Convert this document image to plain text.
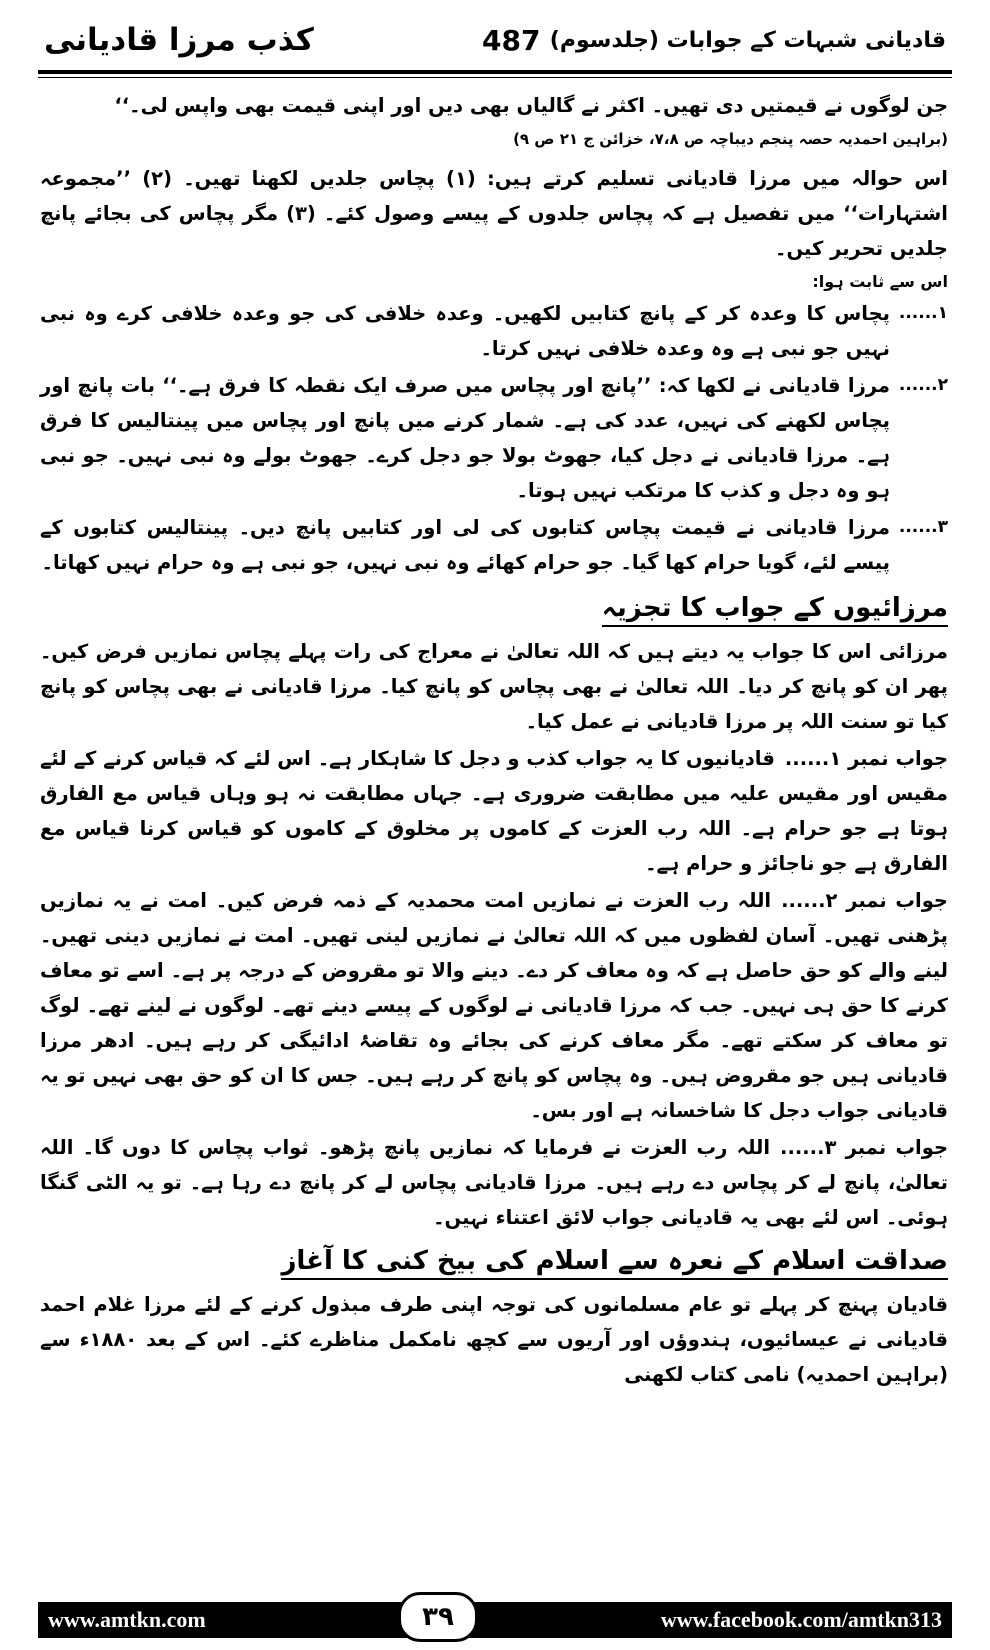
کذب مرزا قادیانی	487 قادیانی شبہات کے جوابات (جلدسوم)
جن لوگوں نے قیمتیں دی تھیں۔ اکثر نے گالیاں بھی دیں اور اپنی قیمت بھی واپس لی۔‘‘
(براہین احمدیہ حصہ پنجم دیباچہ ص ۷،۸، خزائن ج ۲۱ ص ۹)
اس حوالہ میں مرزا قادیانی تسلیم کرتے ہیں: (۱) پچاس جلدیں لکھنا تھیں۔ (۲) ’’مجموعہ اشتہارات‘‘ میں تفصیل ہے کہ پچاس جلدوں کے پیسے وصول کئے۔ (۳) مگر پچاس کی بجائے پانچ جلدیں تحریر کیں۔
اس سے ثابت ہوا:
۱......
پچاس کا وعدہ کر کے پانچ کتابیں لکھیں۔ وعدہ خلافی کی جو وعدہ خلافی کرے وہ نبی نہیں جو نبی ہے وہ وعدہ خلافی نہیں کرتا۔
۲......
مرزا قادیانی نے لکھا کہ: ’’پانچ اور پچاس میں صرف ایک نقطہ کا فرق ہے۔‘‘ بات پانچ اور پچاس لکھنے کی نہیں، عدد کی ہے۔ شمار کرنے میں پانچ اور پچاس میں پینتالیس کا فرق ہے۔ مرزا قادیانی نے دجل کیا، جھوٹ بولا جو دجل کرے۔ جھوٹ بولے وہ نبی نہیں۔ جو نبی ہو وہ دجل و کذب کا مرتکب نہیں ہوتا۔
۳......
مرزا قادیانی نے قیمت پچاس کتابوں کی لی اور کتابیں پانچ دیں۔ پینتالیس کتابوں کے پیسے لئے، گویا حرام کھا گیا۔ جو حرام کھائے وہ نبی نہیں، جو نبی ہے وہ حرام نہیں کھاتا۔
مرزائیوں کے جواب کا تجزیہ
مرزائی اس کا جواب یہ دیتے ہیں کہ اللہ تعالیٰ نے معراج کی رات پہلے پچاس نمازیں فرض کیں۔ پھر ان کو پانچ کر دیا۔ اللہ تعالیٰ نے بھی پچاس کو پانچ کیا۔ مرزا قادیانی نے بھی پچاس کو پانچ کیا تو سنت اللہ پر مرزا قادیانی نے عمل کیا۔
جواب نمبر ۱......قادیانیوں کا یہ جواب کذب و دجل کا شاہکار ہے۔ اس لئے کہ قیاس کرنے کے لئے مقیس اور مقیس علیہ میں مطابقت ضروری ہے۔ جہاں مطابقت نہ ہو وہاں قیاس مع الفارق ہوتا ہے جو حرام ہے۔ اللہ رب العزت کے کاموں پر مخلوق کے کاموں کو قیاس کرنا قیاس مع الفارق ہے جو ناجائز و حرام ہے۔
جواب نمبر ۲......اللہ رب العزت نے نمازیں امت محمدیہ کے ذمہ فرض کیں۔ امت نے یہ نمازیں پڑھنی تھیں۔ آسان لفظوں میں کہ اللہ تعالیٰ نے نمازیں لینی تھیں۔ امت نے نمازیں دینی تھیں۔ لینے والے کو حق حاصل ہے کہ وہ معاف کر دے۔ دینے والا تو مقروض کے درجہ پر ہے۔ اسے تو معاف کرنے کا حق ہی نہیں۔ جب کہ مرزا قادیانی نے لوگوں کے پیسے دینے تھے۔ لوگوں نے لینے تھے۔ لوگ تو معاف کر سکتے تھے۔ مگر معاف کرنے کی بجائے وہ تقاضۂ ادائیگی کر رہے ہیں۔ ادھر مرزا قادیانی ہیں جو مقروض ہیں۔ وہ پچاس کو پانچ کر رہے ہیں۔ جس کا ان کو حق بھی نہیں تو یہ قادیانی جواب دجل کا شاخسانہ ہے اور بس۔
جواب نمبر ۳......اللہ رب العزت نے فرمایا کہ نمازیں پانچ پڑھو۔ ثواب پچاس کا دوں گا۔ اللہ تعالیٰ، پانچ لے کر پچاس دے رہے ہیں۔ مرزا قادیانی پچاس لے کر پانچ دے رہا ہے۔ تو یہ الٹی گنگا ہوئی۔ اس لئے بھی یہ قادیانی جواب لائق اعتناء نہیں۔
صداقت اسلام کے نعرہ سے اسلام کی بیخ کنی کا آغاز
قادیان پہنچ کر پہلے تو عام مسلمانوں کی توجہ اپنی طرف مبذول کرنے کے لئے مرزا غلام احمد قادیانی نے عیسائیوں، ہندوؤں اور آریوں سے کچھ نامکمل مناظرے کئے۔ اس کے بعد ۱۸۸۰ء سے (براہین احمدیہ) نامی کتاب لکھنی
www.amtkn.com	۳۹	www.facebook.com/amtkn313
